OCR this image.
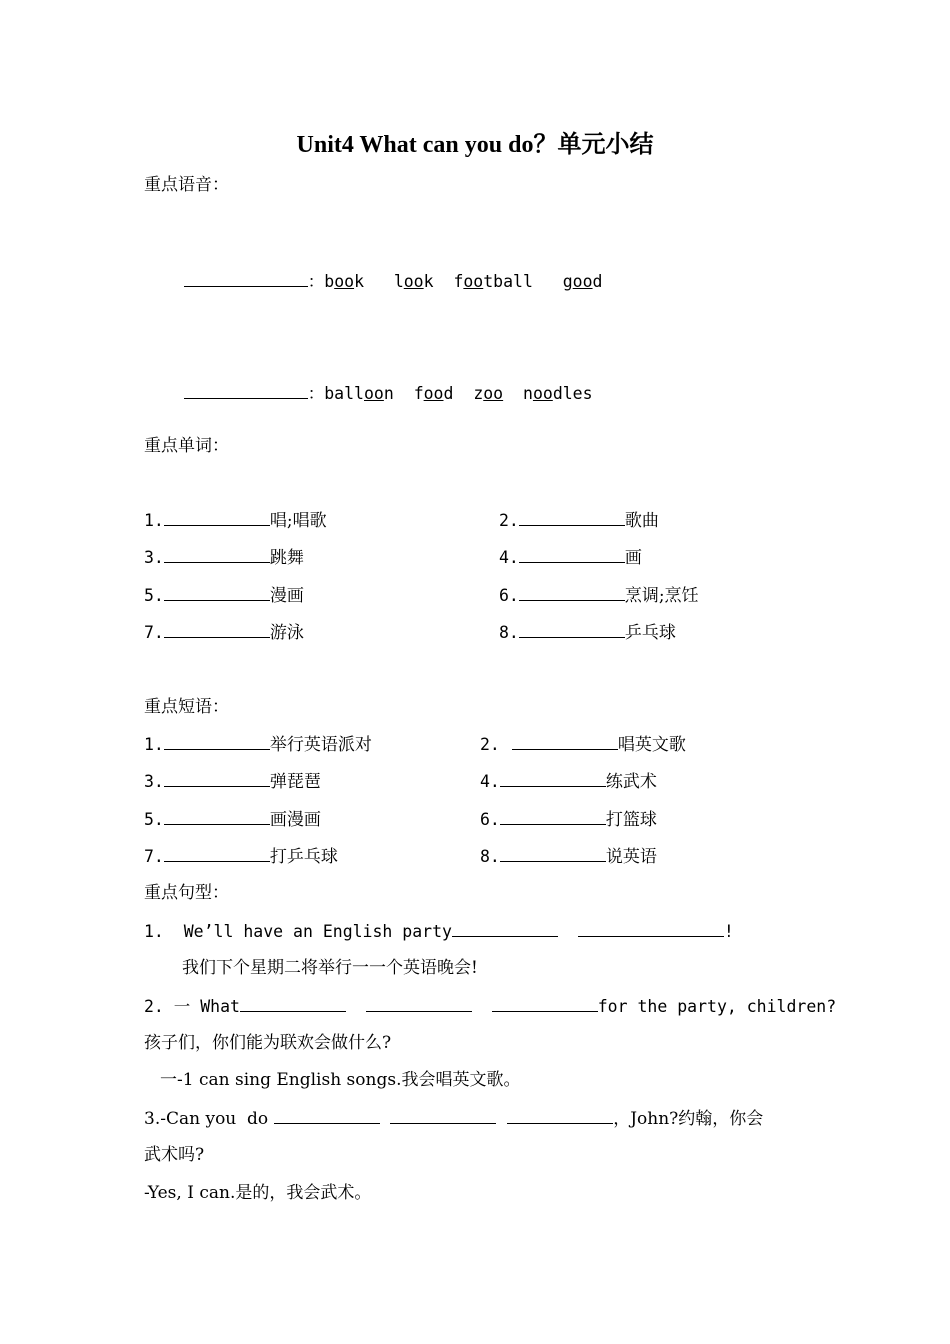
Unit4 What can you do？单元小结
重点语音：

：book look football good

：balloon food zoo noodles

重点单词：
1.	唱;唱歌	2.	歌曲
3.	跳舞	4.	画
5.	漫画	6.	烹调;烹饪
7.	游泳	8.	乒乓球
重点短语：
1.	举行英语派对	2.	唱英文歌
3.	弹琵琶	4.	练武术
5.	画漫画	6.	打篮球
7.	打乒乓球	8.	说英语
重点句型：
1. We’ll have an English party	!
我们下个星期二将举行一一个英语晚会!
2. 一 What	for the party, children?
孩子们，你们能为联欢会做什么?
一-1 can sing English songs.我会唱英文歌。
3.-Can you  do	，John?约翰，你会
武术吗?
-Yes, I can.是的，我会武术。
